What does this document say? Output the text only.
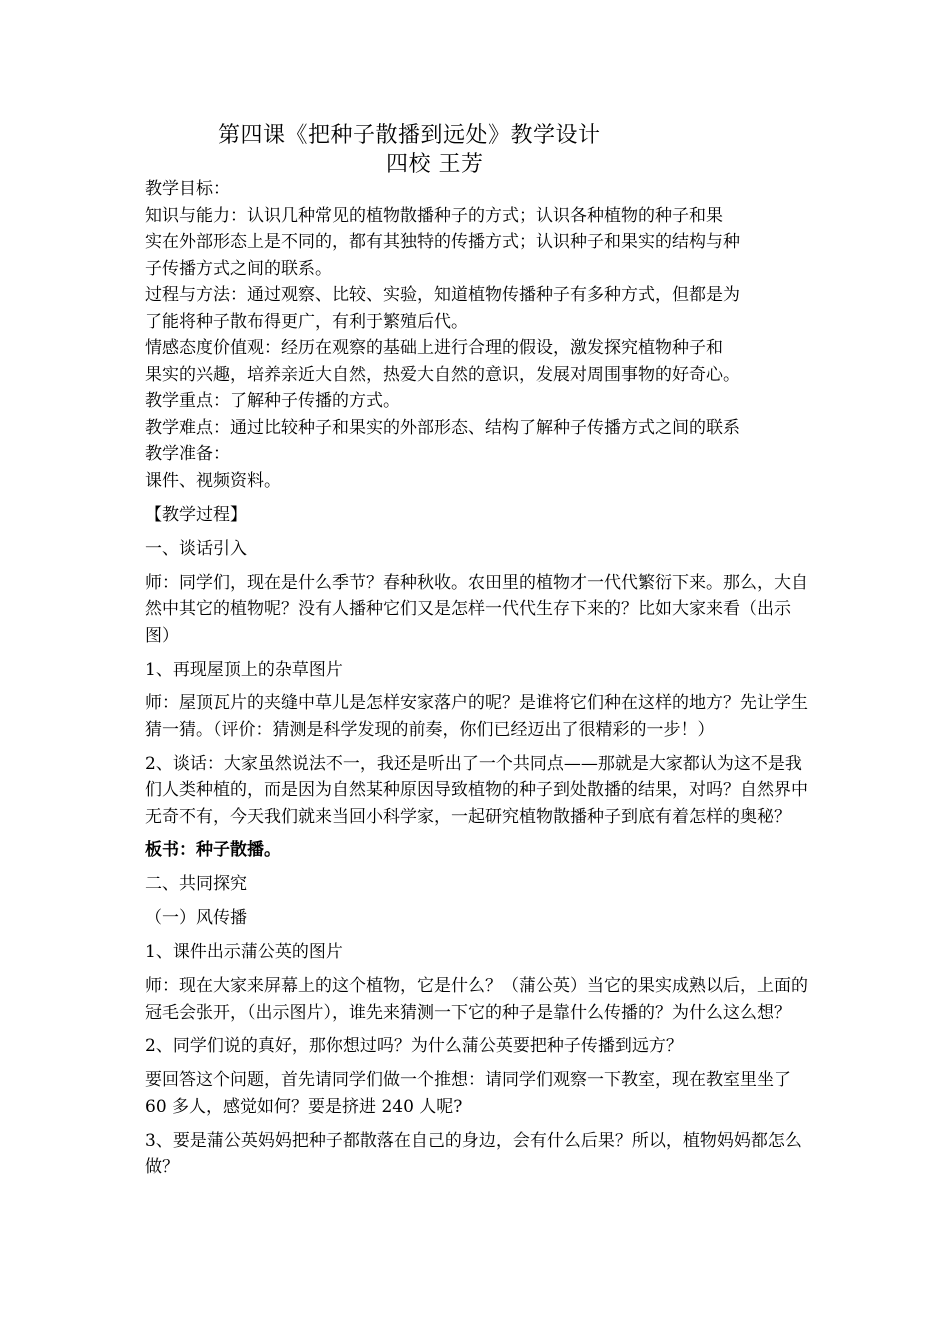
第四课《把种子散播到远处》教学设计
四校 王芳

教学目标：

知识与能力：认识几种常见的植物散播种子的方式；认识各种植物的种子和果

实在外部形态上是不同的，都有其独特的传播方式；认识种子和果实的结构与种

子传播方式之间的联系。

过程与方法：通过观察、比较、实验，知道植物传播种子有多种方式，但都是为

了能将种子散布得更广，有利于繁殖后代。

情感态度价值观：经历在观察的基础上进行合理的假设，激发探究植物种子和

果实的兴趣，培养亲近大自然，热爱大自然的意识，发展对周围事物的好奇心。

教学重点：了解种子传播的方式。

教学难点：通过比较种子和果实的外部形态、结构了解种子传播方式之间的联系

教学准备：

课件、视频资料。

【教学过程】

一、谈话引入

师：同学们，现在是什么季节？春种秋收。农田里的植物才一代代繁衍下来。那么，大自然中其它的植物呢？没有人播种它们又是怎样一代代生存下来的？比如大家来看（出示图）

1、再现屋顶上的杂草图片

师：屋顶瓦片的夹缝中草儿是怎样安家落户的呢？是谁将它们种在这样的地方？先让学生猜一猜。（评价：猜测是科学发现的前奏，你们已经迈出了很精彩的一步！）

2、谈话：大家虽然说法不一，我还是听出了一个共同点——那就是大家都认为这不是我们人类种植的，而是因为自然某种原因导致植物的种子到处散播的结果，对吗？自然界中无奇不有，今天我们就来当回小科学家，一起研究植物散播种子到底有着怎样的奥秘？

板书：种子散播。

二、共同探究

（一）风传播

1、课件出示蒲公英的图片

师：现在大家来屏幕上的这个植物，它是什么？（蒲公英）当它的果实成熟以后，上面的冠毛会张开，（出示图片），谁先来猜测一下它的种子是靠什么传播的？为什么这么想？

2、同学们说的真好，那你想过吗？为什么蒲公英要把种子传播到远方？

要回答这个问题，首先请同学们做一个推想：请同学们观察一下教室，现在教室里坐了 60 多人，感觉如何？要是挤进 240 人呢?

3、要是蒲公英妈妈把种子都散落在自己的身边，会有什么后果？所以，植物妈妈都怎么做？
